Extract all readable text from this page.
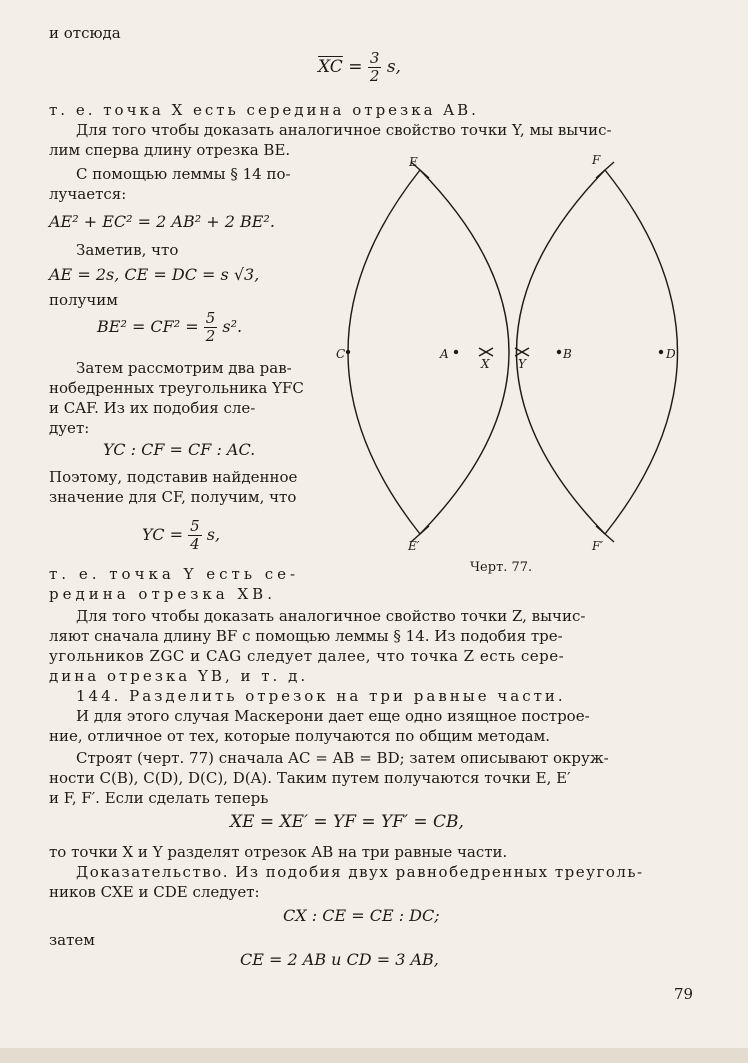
и отсюда
$\overline{XC} = \frac{3}{2} s$,
т. е. точка X есть середина отрезка AB.
Для того чтобы доказать аналогичное свойство точки Y, мы вычис-
лим сперва длину отрезка BE.
С помощью леммы § 14 по-
лучается:
AE² + EC² = 2 AB² + 2 BE².
Заметив, что
AE = 2s, CE = DC = s √3,
получим
$BE^2 = CF^2 = \frac{5}{2} s^2$.
Затем рассмотрим два рав-
нобедренных треугольника YFC
и CAF. Из их подобия сле-
дует:
YC : CF = CF : AC.
Поэтому, подставив найденное
значение для CF, получим, что
YC = $\frac{5}{4} s$,
т. е. точка Y есть се-
редина отрезка XB.
Для того чтобы доказать аналогичное свойство точки Z, вычис-
ляют сначала длину BF с помощью леммы § 14. Из подобия тре-
угольников ZGC и CAG следует далее, что точка Z есть сере-
дина отрезка YB, и т. д.
144. Разделить отрезок на три равные части.
И для этого случая Маскерони дает еще одно изящное построе-
ние, отличное от тех, которые получаются по общим методам.
Строят (черт. 77) сначала AC = AB = BD; затем описывают окруж-
ности C(B), C(D), D(C), D(A). Таким путем получаются точки E, E′
и F, F′. Если сделать теперь
XE = XE′ = YF = YF′ = CB,
то точки X и Y разделят отрезок AB на три равные части.
Доказательство. Из подобия двух равнобедренных треуголь-
ников CXE и CDE следует:
CX : CE = CE : DC;
затем
CE = 2 AB и CD = 3 AB,
E	F
C	A
X Y
B	D
E′	F′
Черт. 77.
79
